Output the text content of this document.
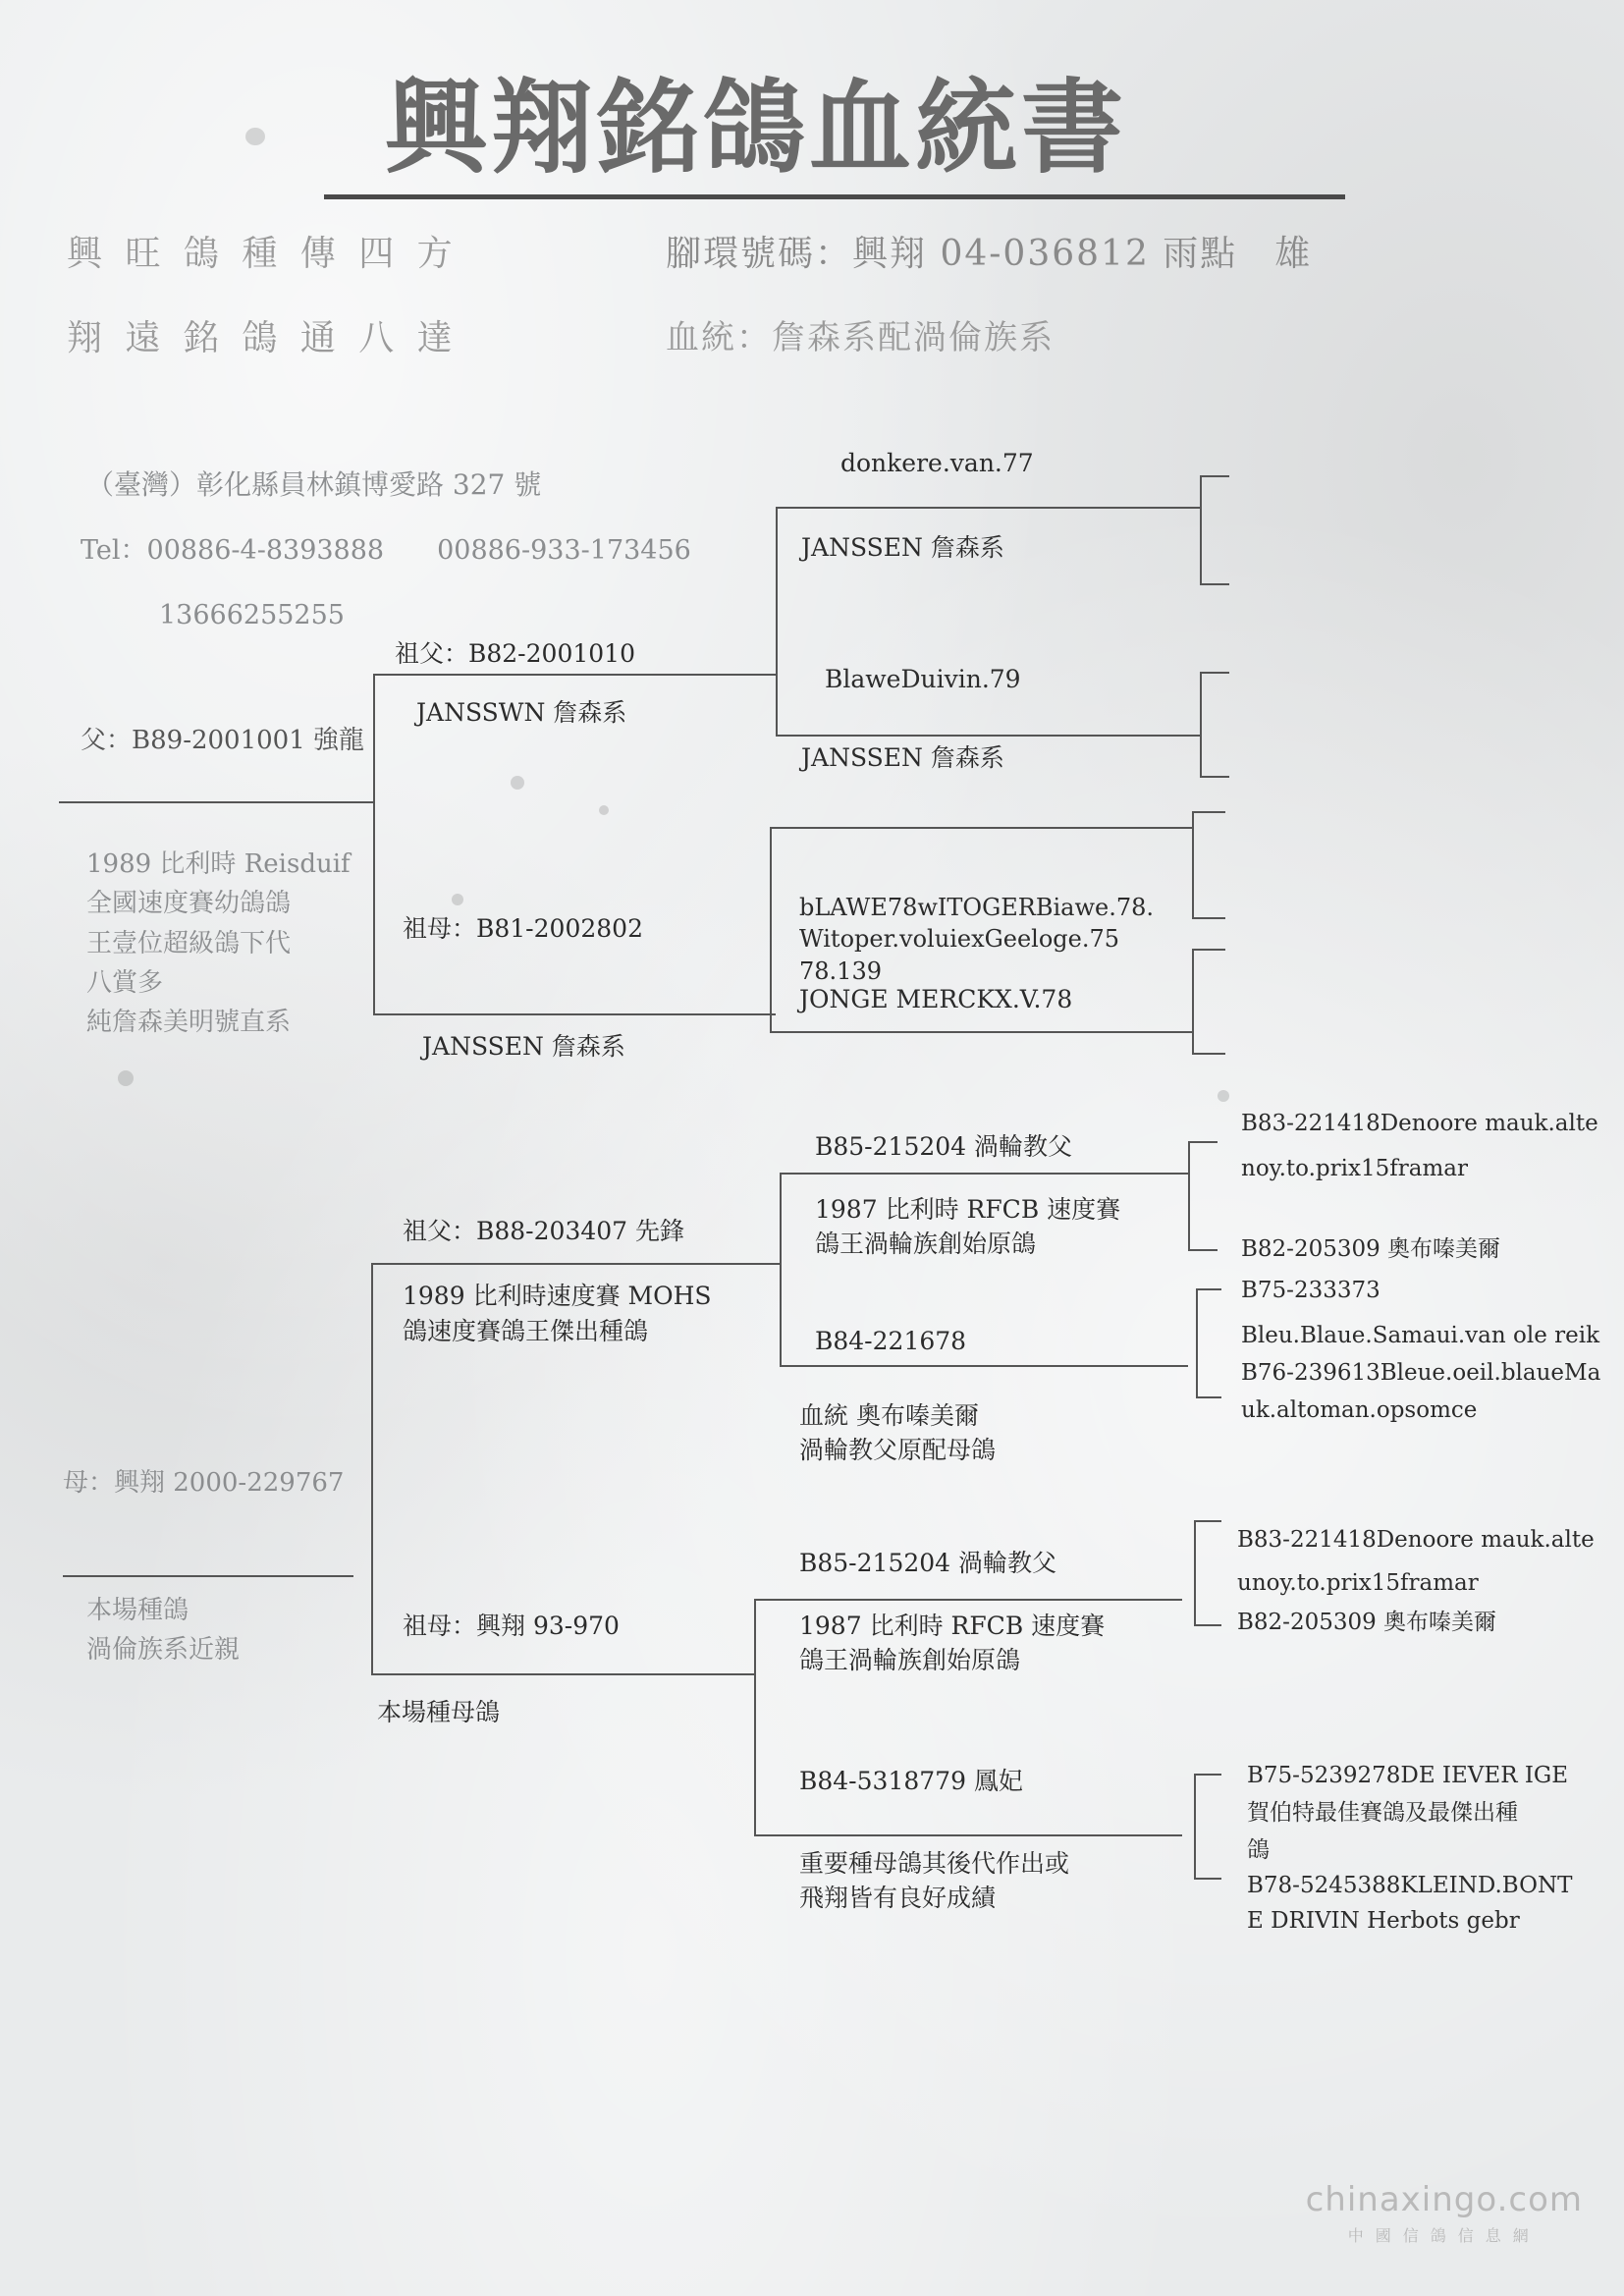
興翔銘鴿血統書
興 旺 鴿 種 傳 四 方
翔 遠 銘 鴿 通 八 達
腳環號碼：興翔 04-036812 雨點　雄
血統：詹森系配渦倫族系
（臺灣）彰化縣員林鎮博愛路 327 號
Tel：00886-4-8393888　　00886-933-173456
13666255255
父：B89-2001001 強龍
1989 比利時 Reisduif
全國速度賽幼鴿鴿
王壹位超級鴿下代
八賞多
純詹森美明號直系
母：興翔 2000-229767
本場種鴿
渦倫族系近親
祖父：B82-2001010
JANSSWN 詹森系
祖母：B81-2002802
JANSSEN 詹森系
donkere.van.77
JANSSEN 詹森系
BlaweDuivin.79
JANSSEN 詹森系
bLAWE78wITOGERBiawe.78.
Witoper.voluiexGeeloge.75
78.139
JONGE MERCKX.V.78
祖父：B88-203407 先鋒
1989 比利時速度賽 MOHS
鴿速度賽鴿王傑出種鴿
祖母：興翔 93-970
本場種母鴿
B85-215204 渦輪教父
1987 比利時 RFCB 速度賽
鴿王渦輪族創始原鴿
B84-221678
血統 奧布嗪美爾
渦輪教父原配母鴿
B85-215204 渦輪教父
1987 比利時 RFCB 速度賽
鴿王渦輪族創始原鴿
B84-5318779 鳳妃
重要種母鴿其後代作出或
飛翔皆有良好成績
B83-221418Denoore mauk.alte
noy.to.prix15framar
B82-205309 奧布嗪美爾
B75-233373
Bleu.Blaue.Samaui.van ole reik
B76-239613Bleue.oeil.blaueMa
uk.altoman.opsomce
B83-221418Denoore mauk.alte
unoy.to.prix15framar
B82-205309 奧布嗪美爾
B75-5239278DE IEVER IGE
賀伯特最佳賽鴿及最傑出種
鴿
B78-5245388KLEIND.BONT
E DRIVIN Herbots gebr
chinaxingo.com
中國信鴿信息網
